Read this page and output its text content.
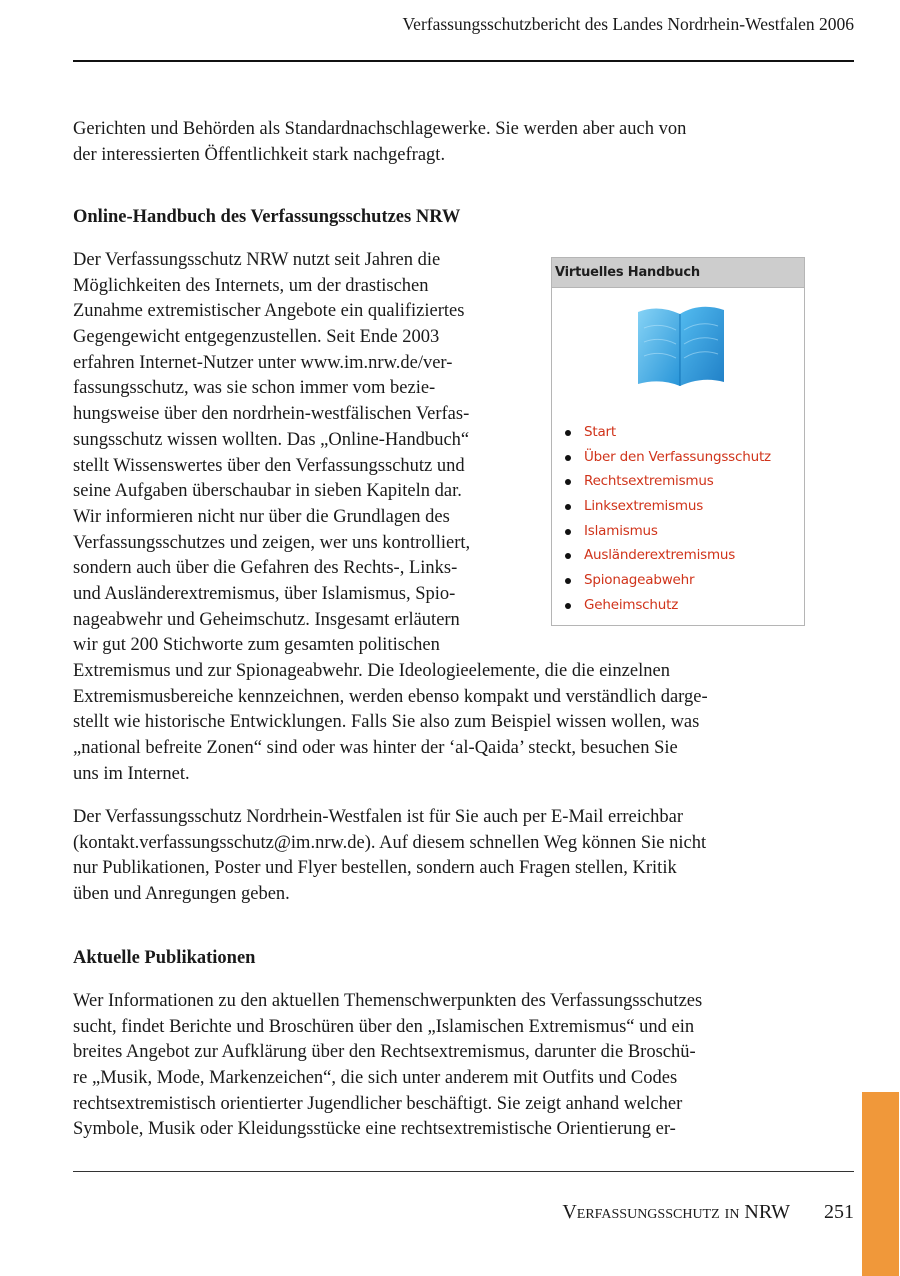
Verfassungsschutzbericht des Landes Nordrhein-Westfalen 2006

Gerichten und Behörden als Standardnachschlagewerke. Sie werden aber auch von
der interessierten Öffentlichkeit stark nachgefragt.

Online-Handbuch des Verfassungsschutzes NRW

Der Verfassungsschutz NRW nutzt seit Jahren die
Möglichkeiten des Internets, um der drastischen
Zunahme extremistischer Angebote ein qualifiziertes
Gegengewicht entgegenzustellen. Seit Ende 2003
erfahren Internet-Nutzer unter www.im.nrw.de/ver-
fassungsschutz, was sie schon immer vom bezie-
hungsweise über den nordrhein-westfälischen Verfas-
sungsschutz wissen wollten. Das „Online-Handbuch“
stellt Wissenswertes über den Verfassungsschutz und
seine Aufgaben überschaubar in sieben Kapiteln dar.
Wir informieren nicht nur über die Grundlagen des
Verfassungsschutzes und zeigen, wer uns kontrolliert,
sondern auch über die Gefahren des Rechts-, Links-
und Ausländerextremismus, über Islamismus, Spio-
nageabwehr und Geheimschutz. Insgesamt erläutern
wir gut 200 Stichworte zum gesamten politischen
Extremismus und zur Spionageabwehr. Die Ideologieelemente, die die einzelnen
Extremismusbereiche kennzeichnen, werden ebenso kompakt und verständlich darge-
stellt wie historische Entwicklungen. Falls Sie also zum Beispiel wissen wollen, was
„national befreite Zonen“ sind oder was hinter der ‘al-Qaida’ steckt, besuchen Sie
uns im Internet.

Virtuelles Handbuch
Start
Über den Verfassungsschutz
Rechtsextremismus
Linksextremismus
Islamismus
Ausländerextremismus
Spionageabwehr
Geheimschutz

Der Verfassungsschutz Nordrhein-Westfalen ist für Sie auch per E-Mail erreichbar
(kontakt.verfassungsschutz@im.nrw.de). Auf diesem schnellen Weg können Sie nicht
nur Publikationen, Poster und Flyer bestellen, sondern auch Fragen stellen, Kritik
üben und Anregungen geben.

Aktuelle Publikationen

Wer Informationen zu den aktuellen Themenschwerpunkten des Verfassungsschutzes
sucht, findet Berichte und Broschüren über den „Islamischen Extremismus“ und ein
breites Angebot zur Aufklärung über den Rechtsextremismus, darunter die Broschü-
re „Musik, Mode, Markenzeichen“, die sich unter anderem mit Outfits und Codes
rechtsextremistisch orientierter Jugendlicher beschäftigt. Sie zeigt anhand welcher
Symbole, Musik oder Kleidungsstücke eine rechtsextremistische Orientierung er-

Verfassungsschutz in NRW 251
